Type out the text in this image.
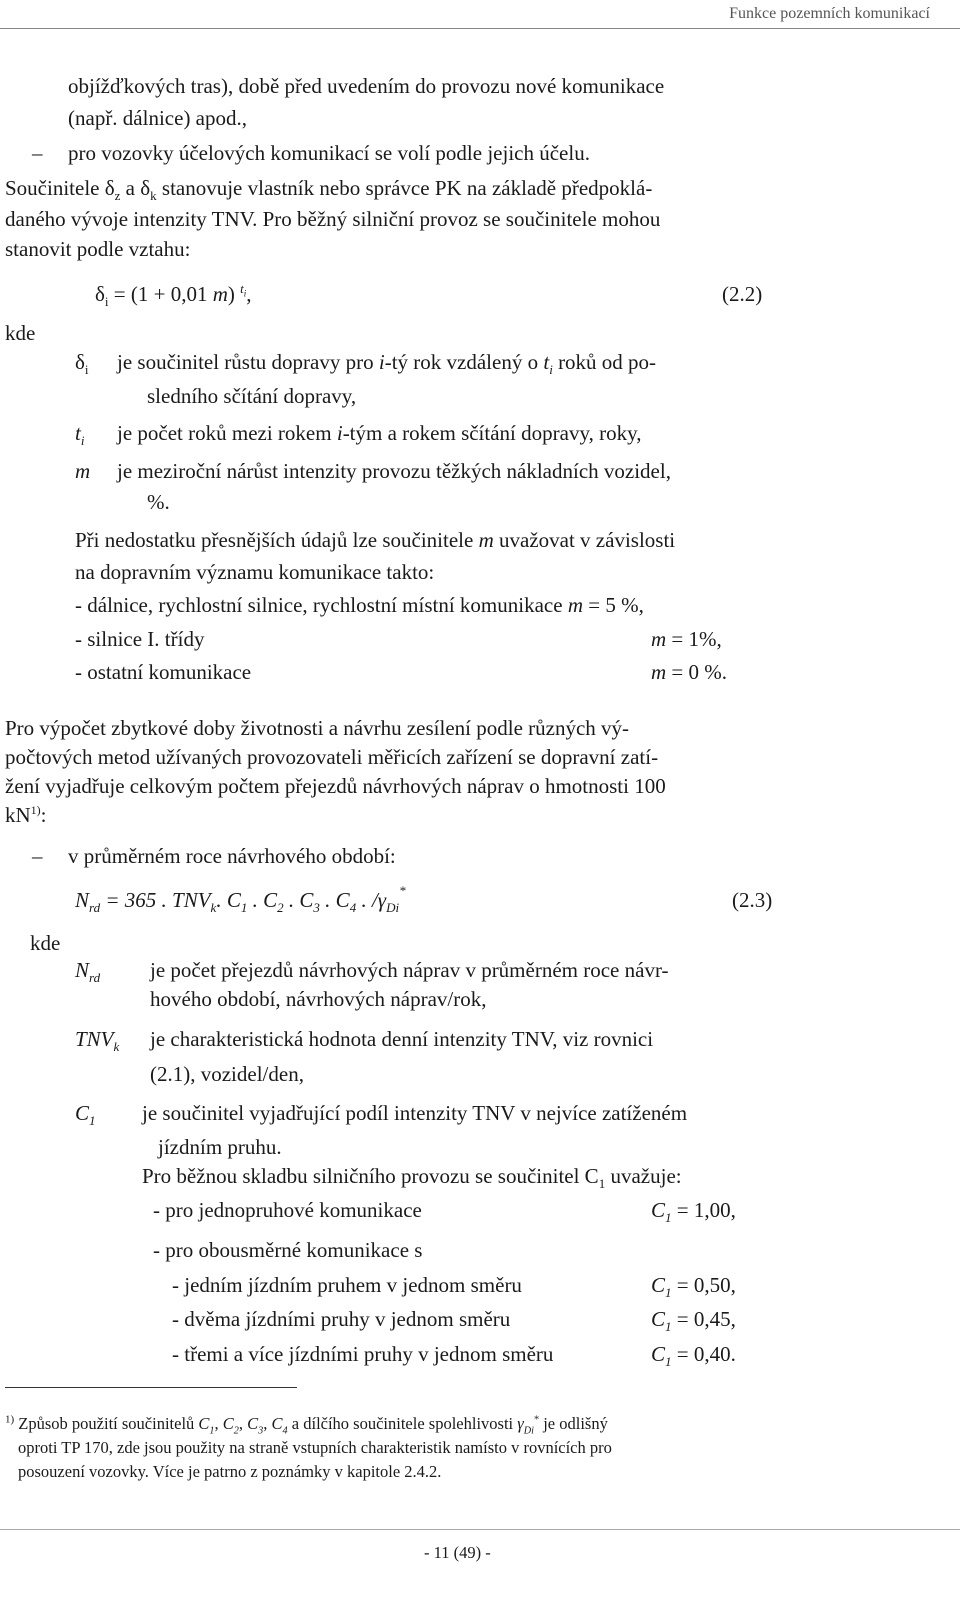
Funkce pozemních komunikací
objížďkových tras), době před uvedením do provozu nové komunikace
(např. dálnice) apod.,
– pro vozovky účelových komunikací se volí podle jejich účelu.
Součinitele $\delta_z$ a $\delta_k$ stanovuje vlastník nebo správce PK na základě předpoklá-
daného vývoje intenzity TNV. Pro běžný silniční provoz se součinitele mohou
stanovit podle vztahu:
$\delta_i = (1 + 0,01$ m) $^{t_i}$,	(2.2)
kde
$\delta_i$ je součinitel růstu dopravy pro i-tý rok vzdálený o $t_i$ roků od po-
sledního sčítání dopravy,
$t_i$ je počet roků mezi rokem i-tým a rokem sčítání dopravy, roky,
m je meziroční nárůst intenzity provozu těžkých nákladních vozidel,
%.
Při nedostatku přesnějších údajů lze součinitele m uvažovat v závislosti
na dopravním významu komunikace takto:
- dálnice, rychlostní silnice, rychlostní místní komunikace m = 5 %,
- silnice I. třídy	m = 1%,
- ostatní komunikace	m = 0 %.
Pro výpočet zbytkové doby životnosti a návrhu zesílení podle různých vý-
počtových metod užívaných provozovateli měřicích zařízení se dopravní zatí-
žení vyjadřuje celkovým počtem přejezdů návrhových náprav o hmotnosti 100
$kN^{1)}$:
– v průměrném roce návrhového období:
$N_{rd} = 365$ . $TNV_k$. $C_1$ . $C_2$ . $C_3$ . $C_4$ . $/\gamma_{Di}^*$	(2.3)
kde
$N_{rd}$ je počet přejezdů návrhových náprav v průměrném roce návr-
hového období, návrhových náprav/rok,
$TNV_k$ je charakteristická hodnota denní intenzity TNV, viz rovnici
(2.1), vozidel/den,
$C_1$ je součinitel vyjadřující podíl intenzity TNV v nejvíce zatíženém
jízdním pruhu.
Pro běžnou skladbu silničního provozu se součinitel $C_1$ uvažuje:
- pro jednopruhové komunikace	$C_1 = 1,00$,
- pro obousměrné komunikace s
- jedním jízdním pruhem v jednom směru	$C_1 = 0,50$,
- dvěma jízdními pruhy v jednom směru	$C_1 = 0,45$,
- třemi a více jízdními pruhy v jednom směru	$C_1 = 0,40$.
$^{1)}$ Způsob použití součinitelů $C_1$, $C_2$, $C_3$, $C_4$ a dílčího součinitele spolehlivosti $\gamma_{Di}^*$ je odlišný
oproti TP 170, zde jsou použity na straně vstupních charakteristik namísto v rovnících pro
posouzení vozovky. Více je patrno z poznámky v kapitole 2.4.2.
- 11 (49) -
